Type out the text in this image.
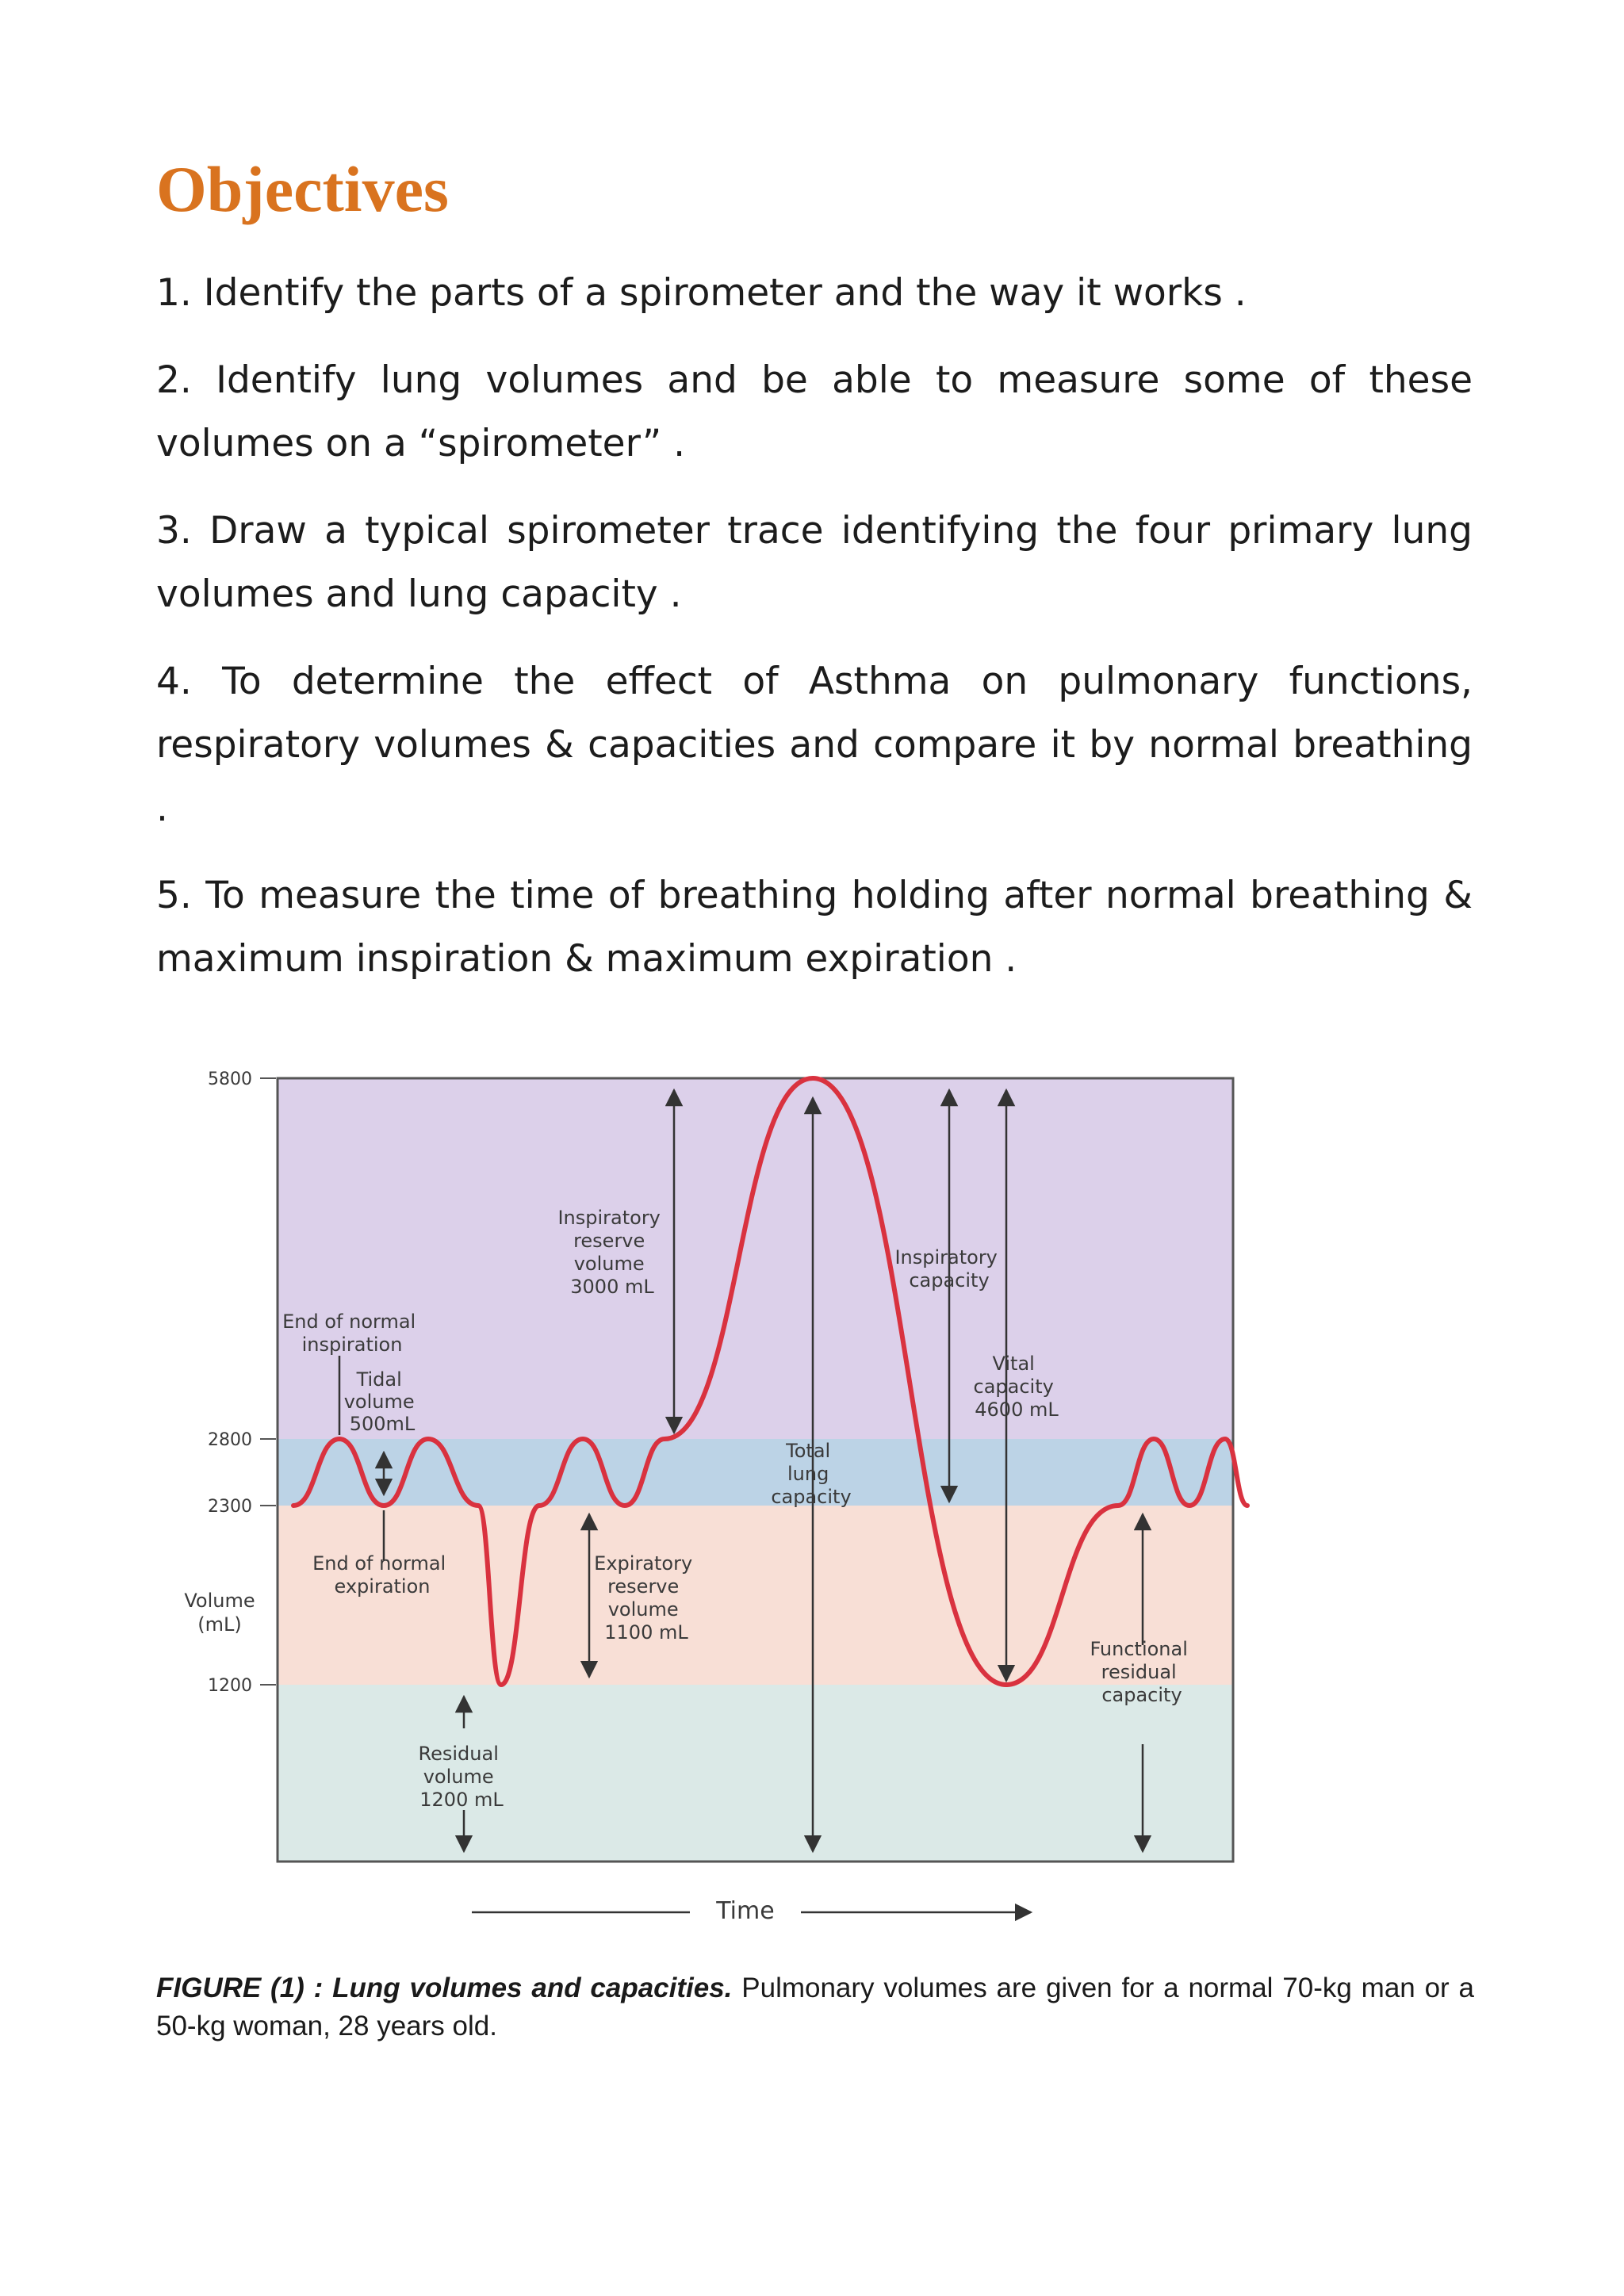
Objectives
1. Identify the parts of a spirometer and the way it works .
2. Identify lung volumes and be able to measure some of these volumes on a “spirometer” .
3. Draw a typical spirometer trace identifying the four primary lung volumes and lung capacity .
4. To determine the effect of Asthma on pulmonary functions, respiratory volumes & capacities and compare it by normal breathing .
5. To measure the time of breathing holding after normal breathing & maximum inspiration & maximum expiration .
5800
2800
2300
1200
Volume
(mL)
End of normal inspiration
Tidal volume 500mL
End of normal expiration
Inspiratory reserve volume 3000 mL
Expiratory reserve volume 1100 mL
Residual volume 1200 mL
Total lung capacity
Inspiratory capacity
Vital capacity 4600 mL
Functional residual capacity
Time

FIGURE (1) : Lung volumes and capacities. Pulmonary volumes are given for a normal 70-kg man or a 50-kg woman, 28 years old.
